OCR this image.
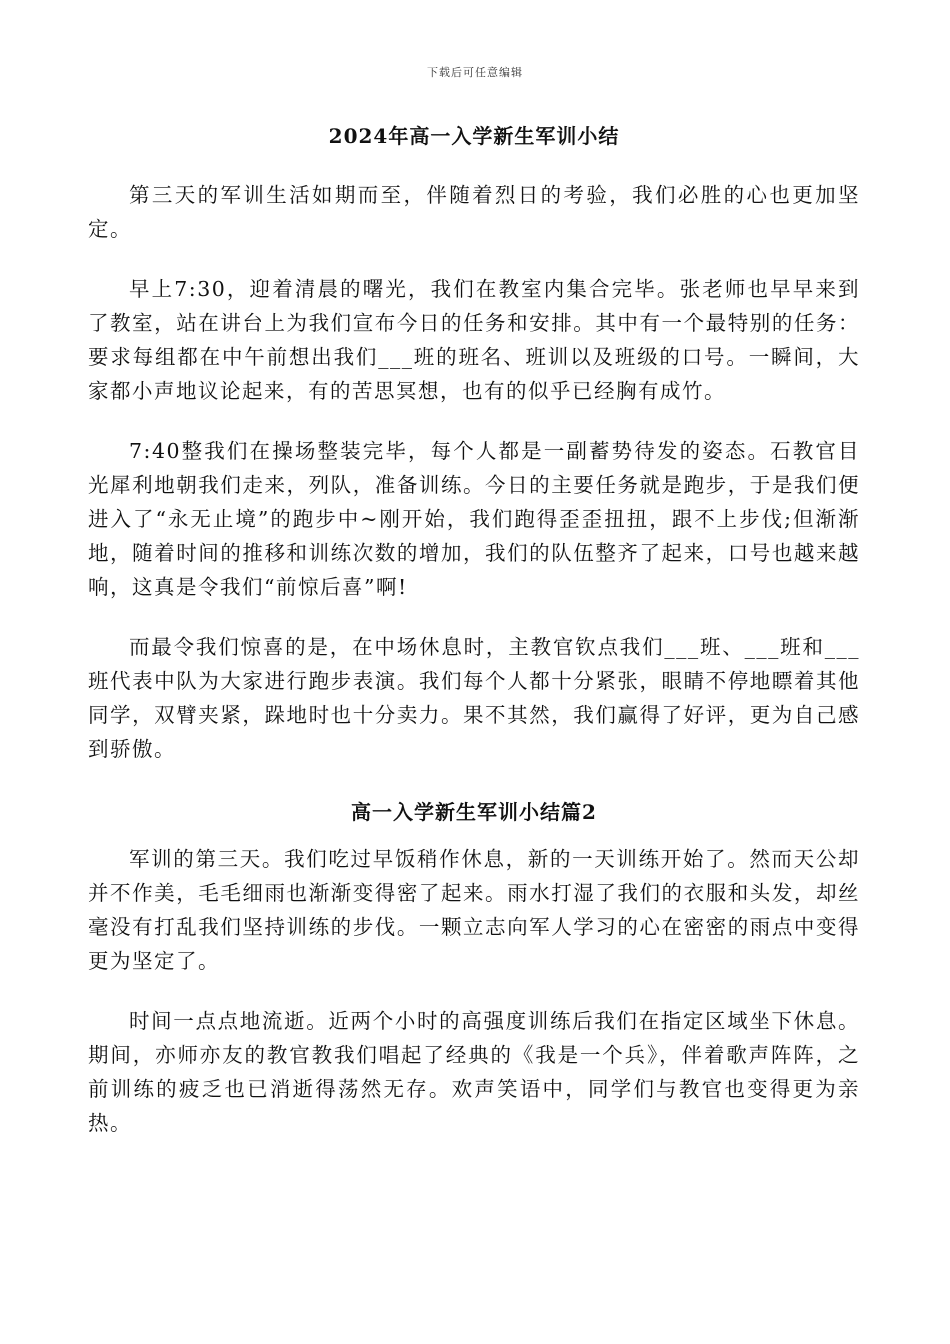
下载后可任意编辑
2024年高一入学新生军训小结

第三天的军训生活如期而至，伴随着烈日的考验，我们必胜的心也更加坚定。

早上7:30，迎着清晨的曙光，我们在教室内集合完毕。张老师也早早来到了教室，站在讲台上为我们宣布今日的任务和安排。其中有一个最特别的任务：要求每组都在中午前想出我们___班的班名、班训以及班级的口号。一瞬间，大家都小声地议论起来，有的苦思冥想，也有的似乎已经胸有成竹。

7:40整我们在操场整装完毕，每个人都是一副蓄势待发的姿态。石教官目光犀利地朝我们走来，列队，准备训练。今日的主要任务就是跑步，于是我们便进入了“永无止境”的跑步中~刚开始，我们跑得歪歪扭扭，跟不上步伐;但渐渐地，随着时间的推移和训练次数的增加，我们的队伍整齐了起来，口号也越来越响，这真是令我们“前惊后喜”啊!

而最令我们惊喜的是，在中场休息时，主教官钦点我们___班、___班和___班代表中队为大家进行跑步表演。我们每个人都十分紧张，眼睛不停地瞟着其他同学，双臂夹紧，跺地时也十分卖力。果不其然，我们赢得了好评，更为自己感到骄傲。

高一入学新生军训小结篇2

军训的第三天。我们吃过早饭稍作休息，新的一天训练开始了。然而天公却并不作美，毛毛细雨也渐渐变得密了起来。雨水打湿了我们的衣服和头发，却丝毫没有打乱我们坚持训练的步伐。一颗立志向军人学习的心在密密的雨点中变得更为坚定了。

时间一点点地流逝。近两个小时的高强度训练后我们在指定区域坐下休息。期间，亦师亦友的教官教我们唱起了经典的《我是一个兵》，伴着歌声阵阵，之前训练的疲乏也已消逝得荡然无存。欢声笑语中，同学们与教官也变得更为亲热。
